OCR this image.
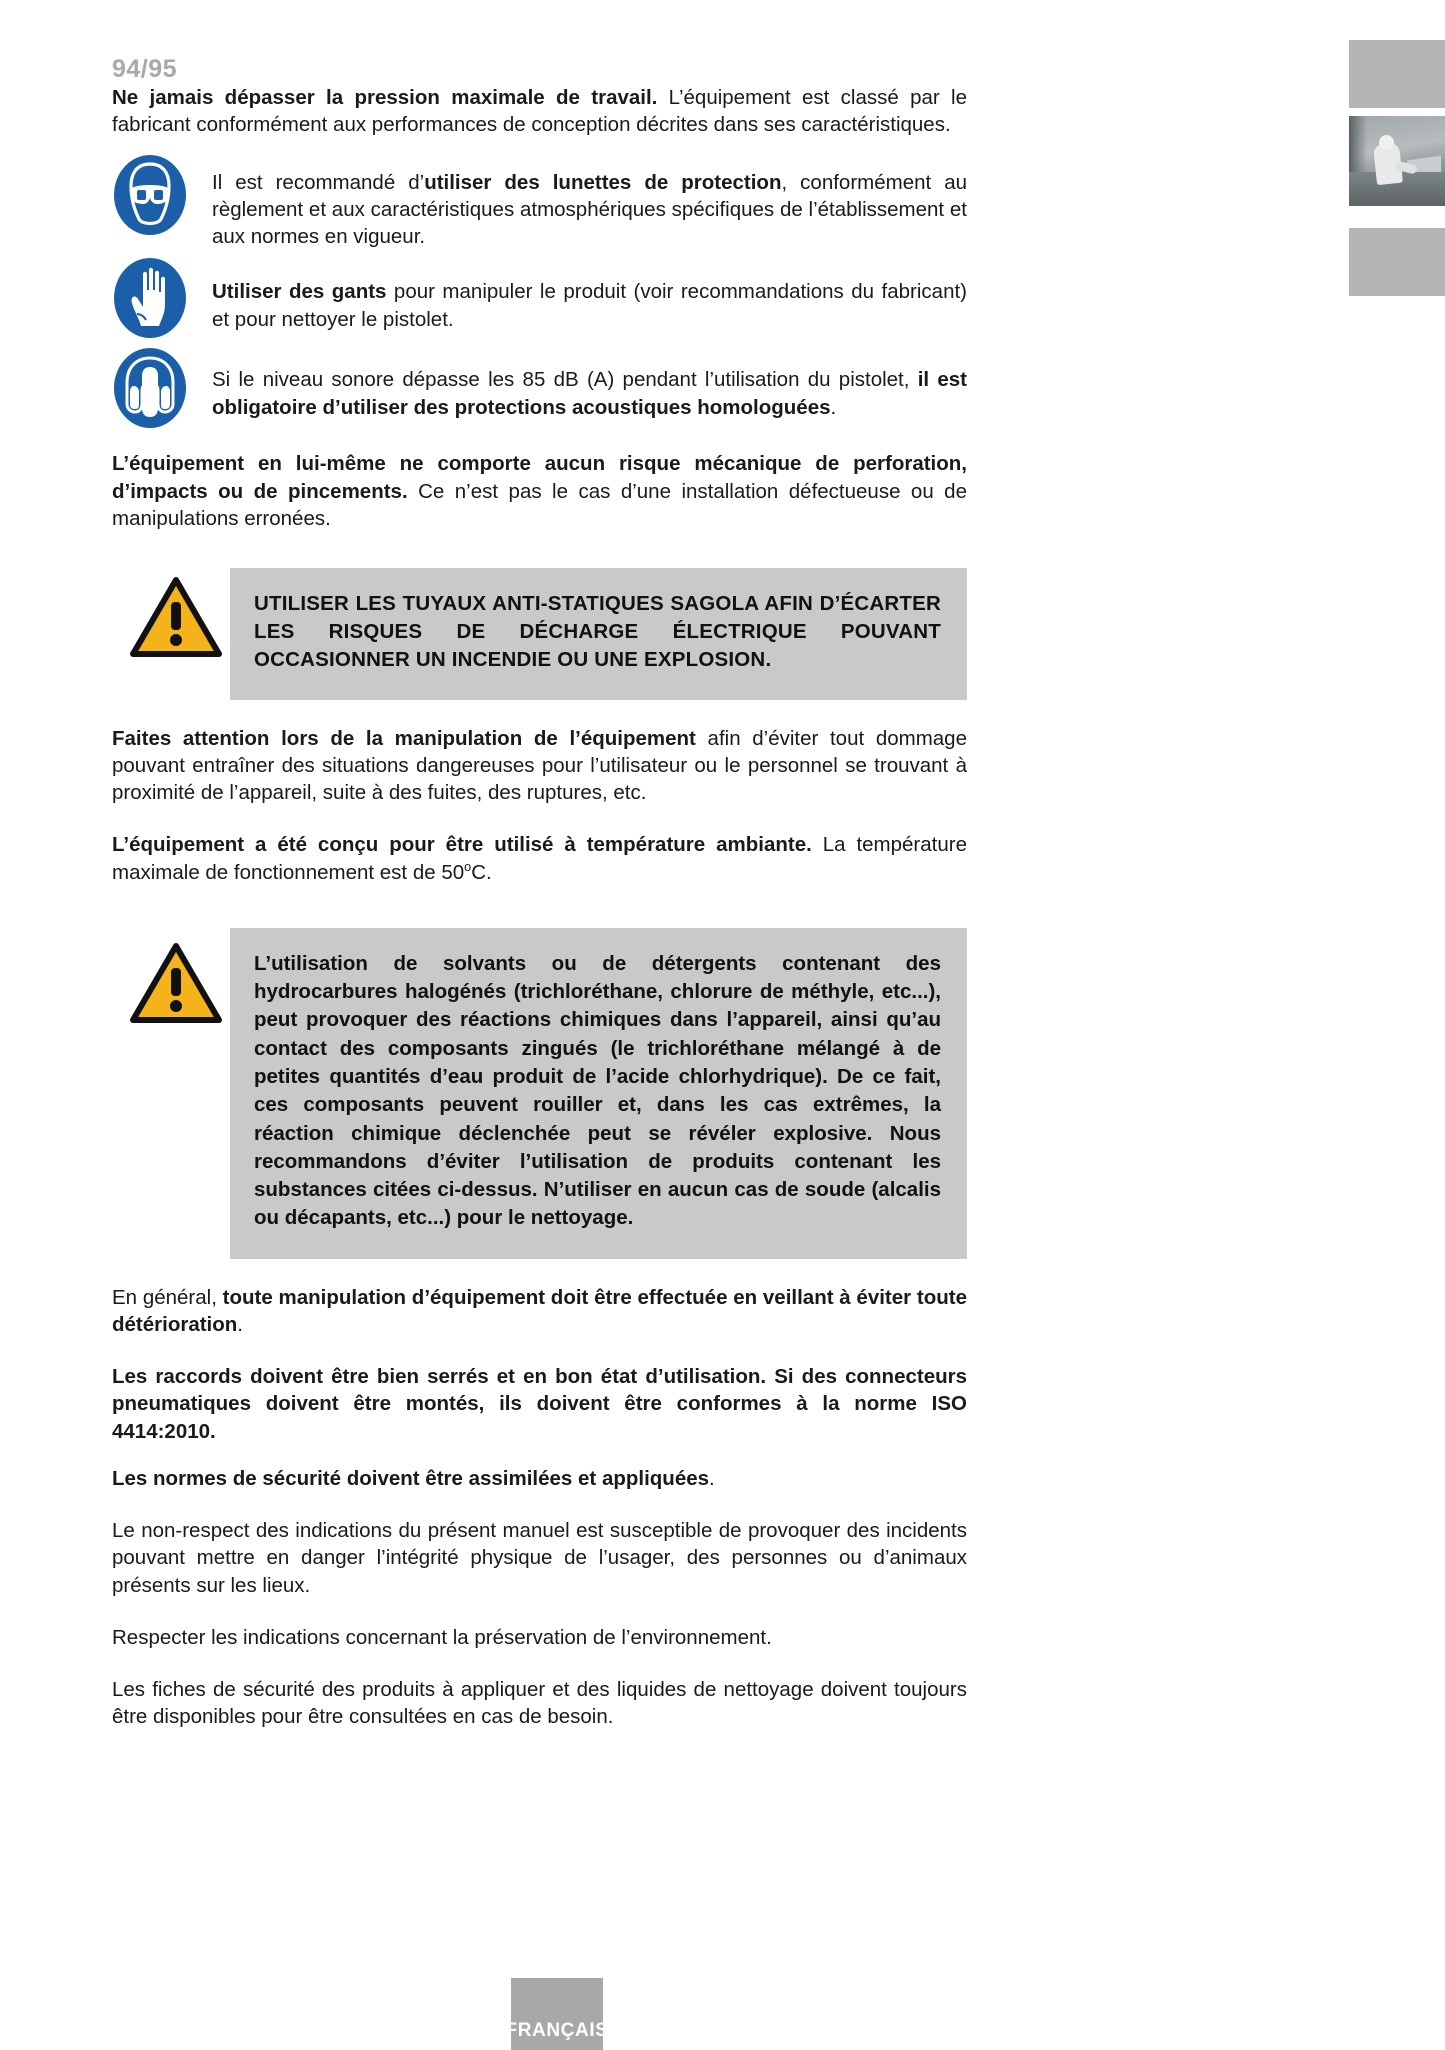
94/95

Ne jamais dépasser la pression maximale de travail. L’équipement est classé par le fabricant conformément aux performances de conception décrites dans ses caractéristiques.

Il est recommandé d’utiliser des lunettes de protection, conformément au règlement et aux caractéristiques atmosphériques spécifiques de l’établissement et aux normes en vigueur.
Utiliser des gants pour manipuler le produit (voir recommandations du fabricant) et pour nettoyer le pistolet.
Si le niveau sonore dépasse les 85 dB (A) pendant l’utilisation du pistolet, il est obligatoire d’utiliser des protections acoustiques homologuées.

L’équipement en lui-même ne comporte aucun risque mécanique de perforation, d’impacts ou de pincements. Ce n’est pas le cas d’une installation défectueuse ou de manipulations erronées.

UTILISER LES TUYAUX ANTI-STATIQUES SAGOLA AFIN D’ÉCARTER LES RISQUES DE DÉCHARGE ÉLECTRIQUE POUVANT OCCASIONNER UN INCENDIE OU UNE EXPLOSION.

Faites attention lors de la manipulation de l’équipement afin d’éviter tout dommage pouvant entraîner des situations dangereuses pour l’utilisateur ou le personnel se trouvant à proximité de l’appareil, suite à des fuites, des ruptures, etc.

L’équipement a été conçu pour être utilisé à température ambiante. La température maximale de fonctionnement est de 50$^o$C.

L’utilisation de solvants ou de détergents contenant des hydrocarbures halogénés (trichloréthane, chlorure de méthyle, etc...), peut provoquer des réactions chimiques dans l’appareil, ainsi qu’au contact des composants zingués (le trichloréthane mélangé à de petites quantités d’eau produit de l’acide chlorhydrique). De ce fait, ces composants peuvent rouiller et, dans les cas extrêmes, la réaction chimique déclenchée peut se révéler explosive. Nous recommandons d’éviter l’utilisation de produits contenant les substances citées ci-dessus. N’utiliser en aucun cas de soude (alcalis ou décapants, etc...) pour le nettoyage.

En général, toute manipulation d’équipement doit être effectuée en veillant à éviter toute détérioration.

Les raccords doivent être bien serrés et en bon état d’utilisation. Si des connecteurs pneumatiques doivent être montés, ils doivent être conformes à la norme ISO 4414:2010.

Les normes de sécurité doivent être assimilées et appliquées.

Le non-respect des indications du présent manuel est susceptible de provoquer des incidents pouvant mettre en danger l’intégrité physique de l’usager, des personnes ou d’animaux présents sur les lieux.

Respecter les indications concernant la préservation de l’environnement.

Les fiches de sécurité des produits à appliquer et des liquides de nettoyage doivent toujours être disponibles pour être consultées en cas de besoin.

FRANÇAIS
